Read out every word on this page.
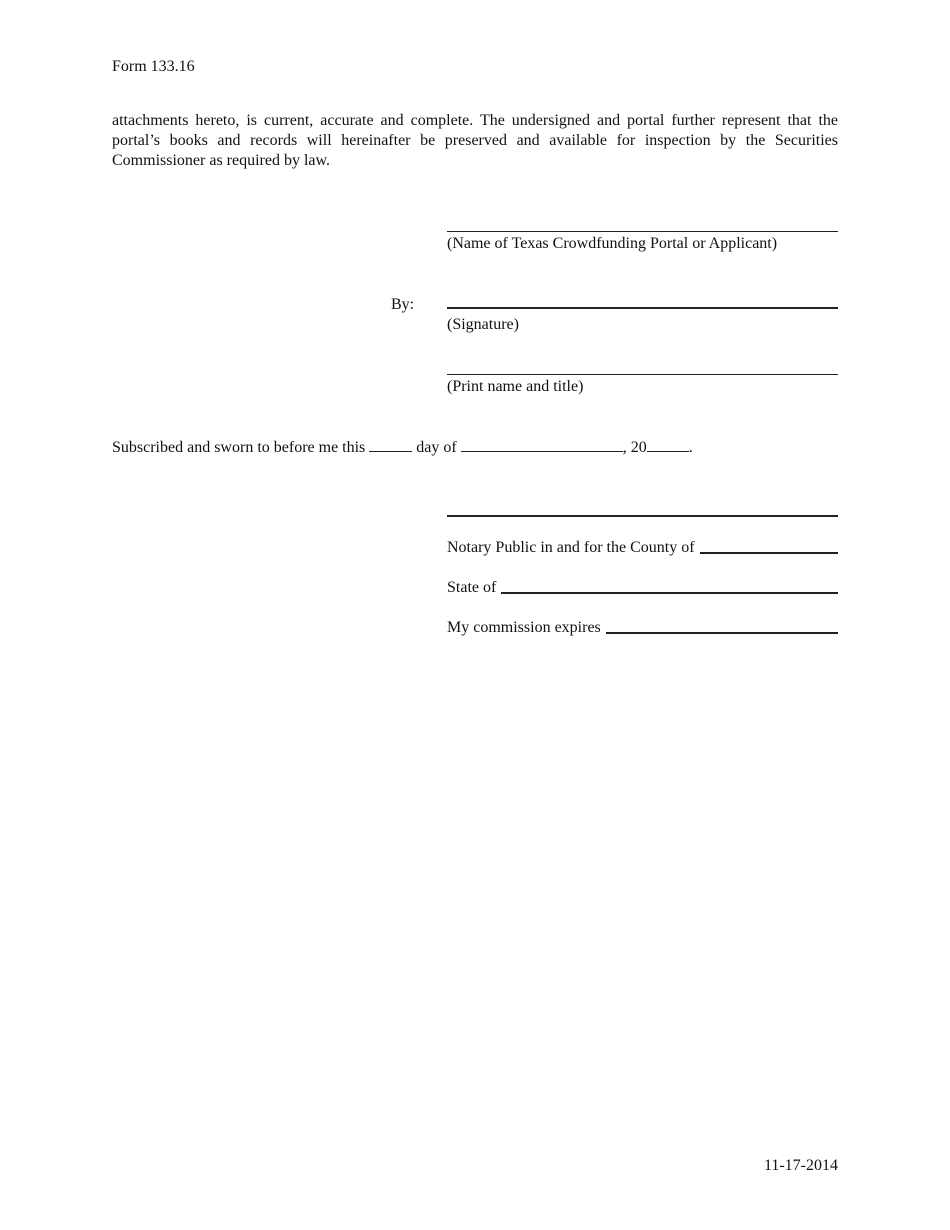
Form 133.16
attachments hereto, is current, accurate and complete. The undersigned and portal further represent that the portal’s books and records will hereinafter be preserved and available for inspection by the Securities Commissioner as required by law.
(Name of Texas Crowdfunding Portal or Applicant)
By:
(Signature)
(Print name and title)
Subscribed and sworn to before me this	day of	, 20	.
Notary Public in and for the County of
State of
My commission expires
11-17-2014
